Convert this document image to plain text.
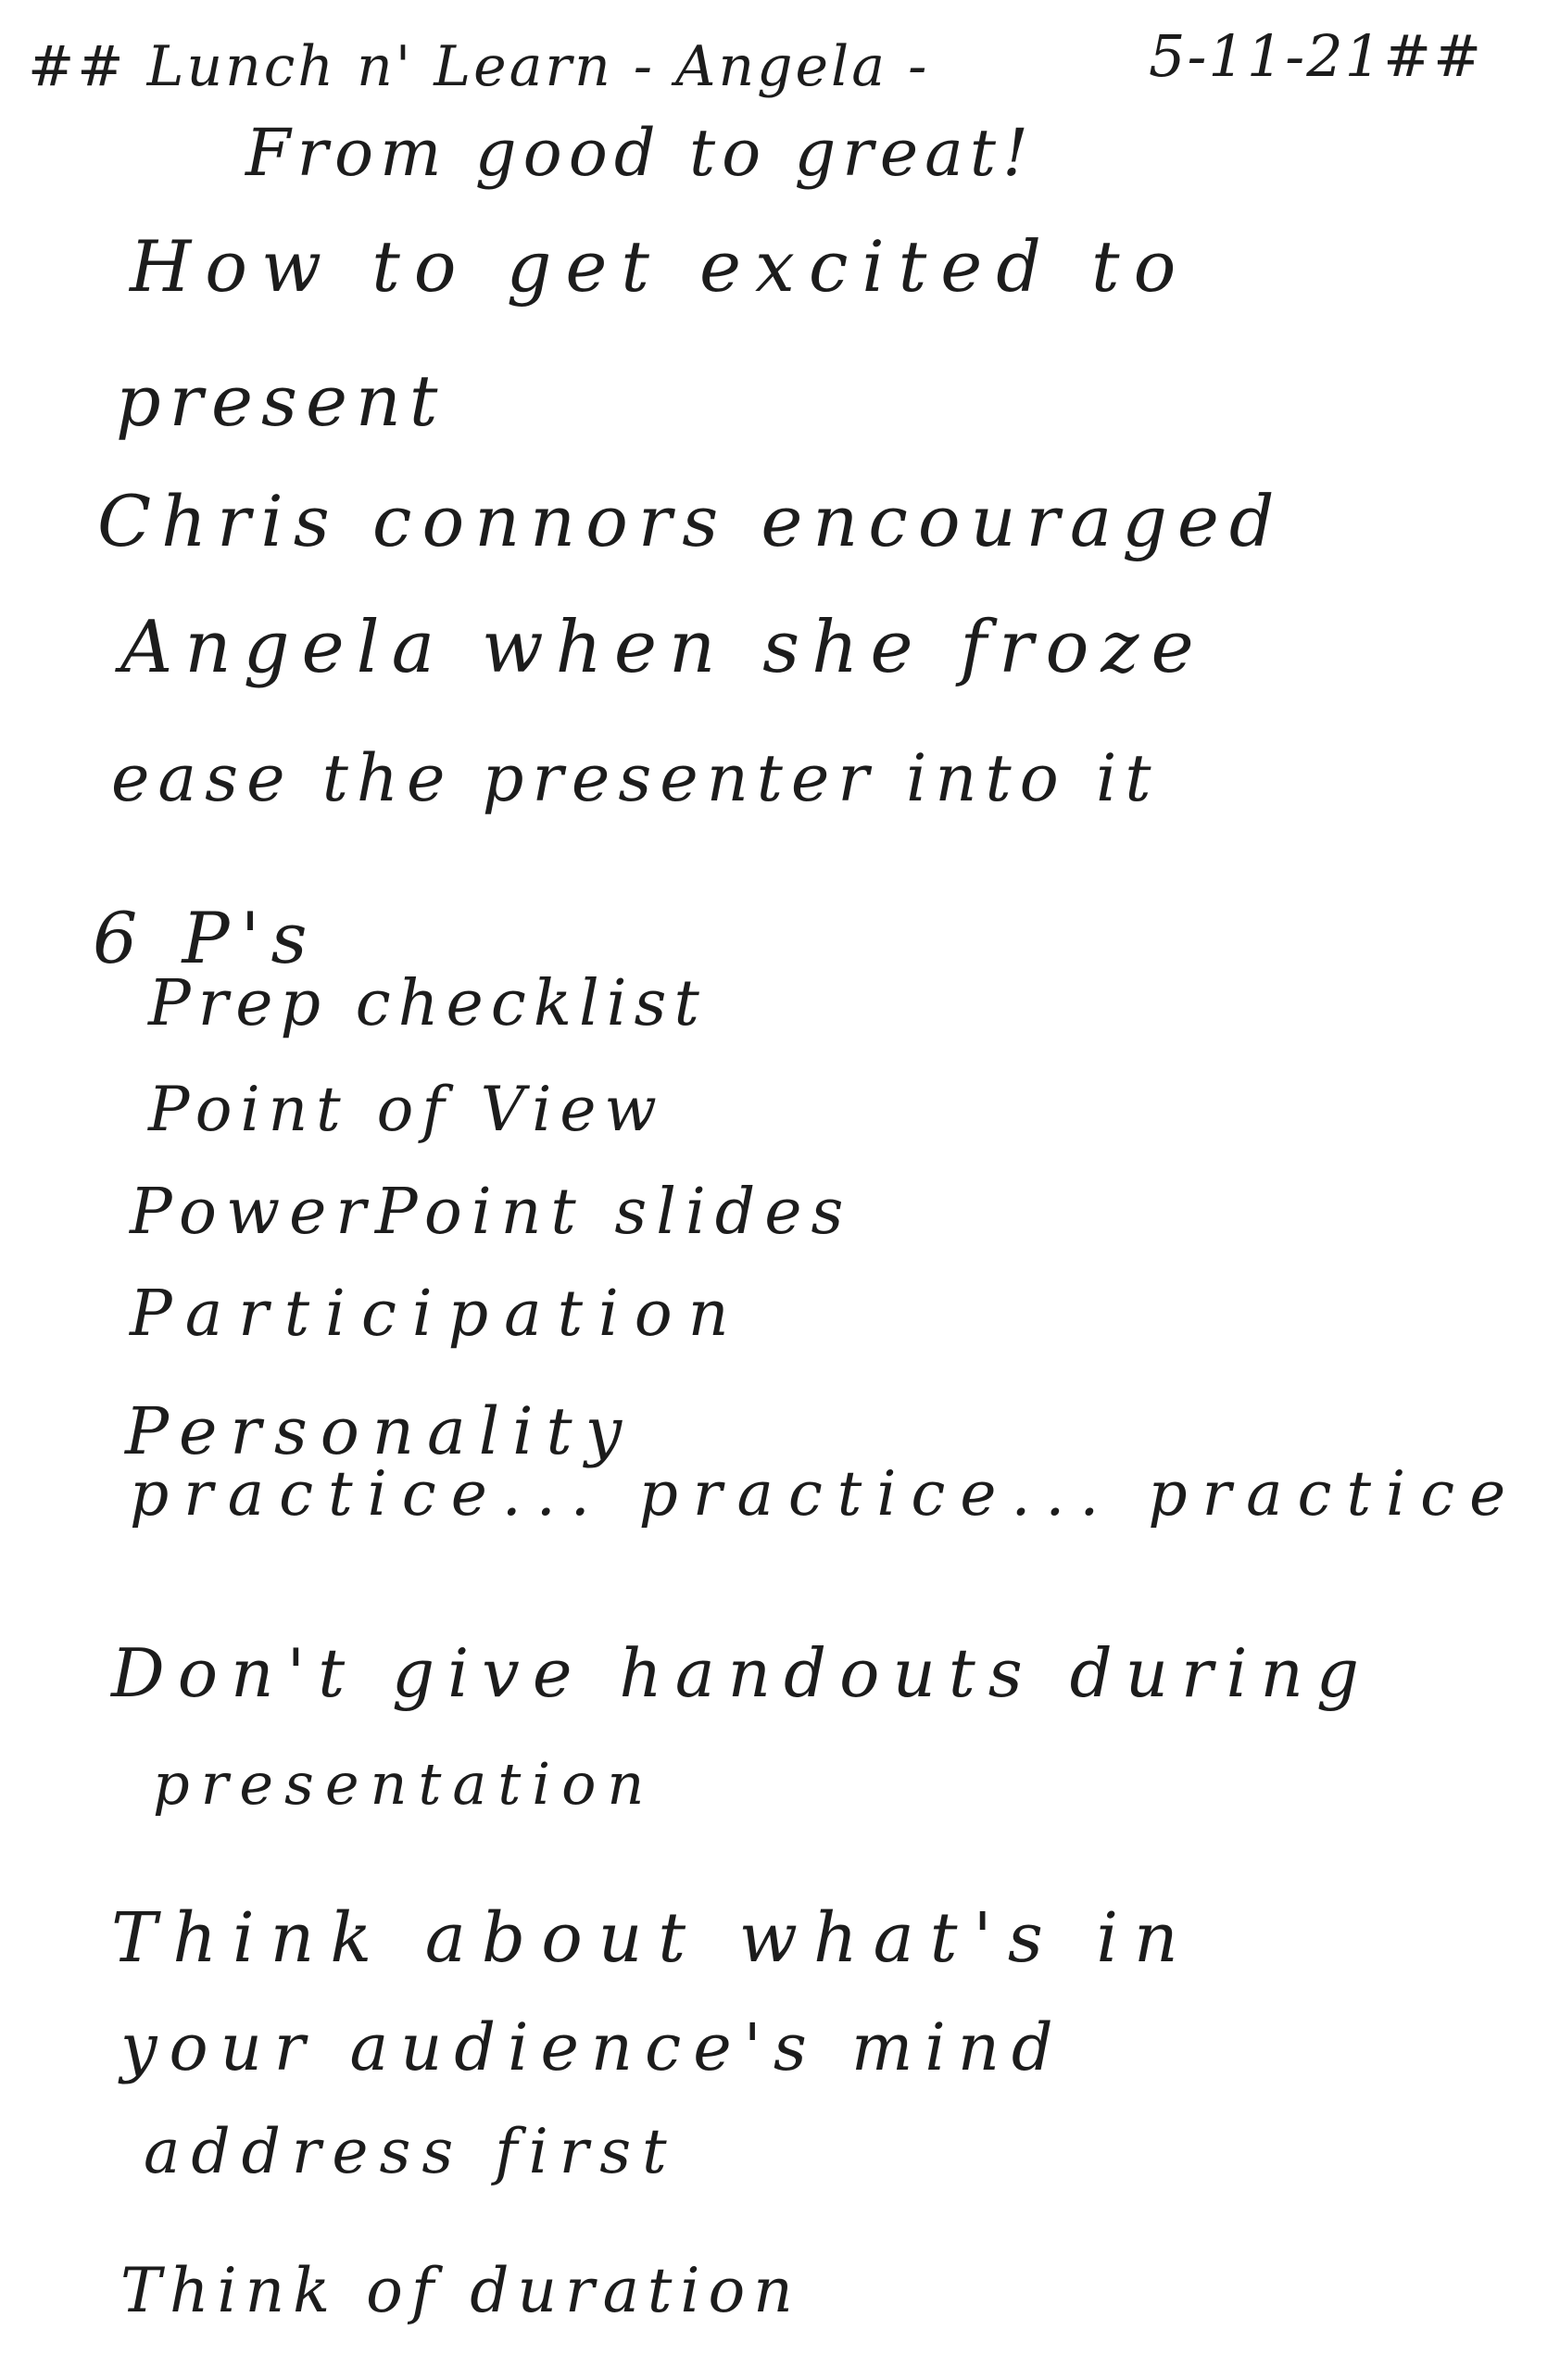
## Lunch n' Learn - Angela -	5-11-21##
From good to great!
How to get excited to
present
Chris connors encouraged
Angela when she froze
ease the presenter into it
6 P's
Prep checklist
Point of View
PowerPoint slides
Participation
Personality
practice... practice... practice
Don't give handouts during
presentation
Think about what's in
your audience's mind
address first
Think of duration
